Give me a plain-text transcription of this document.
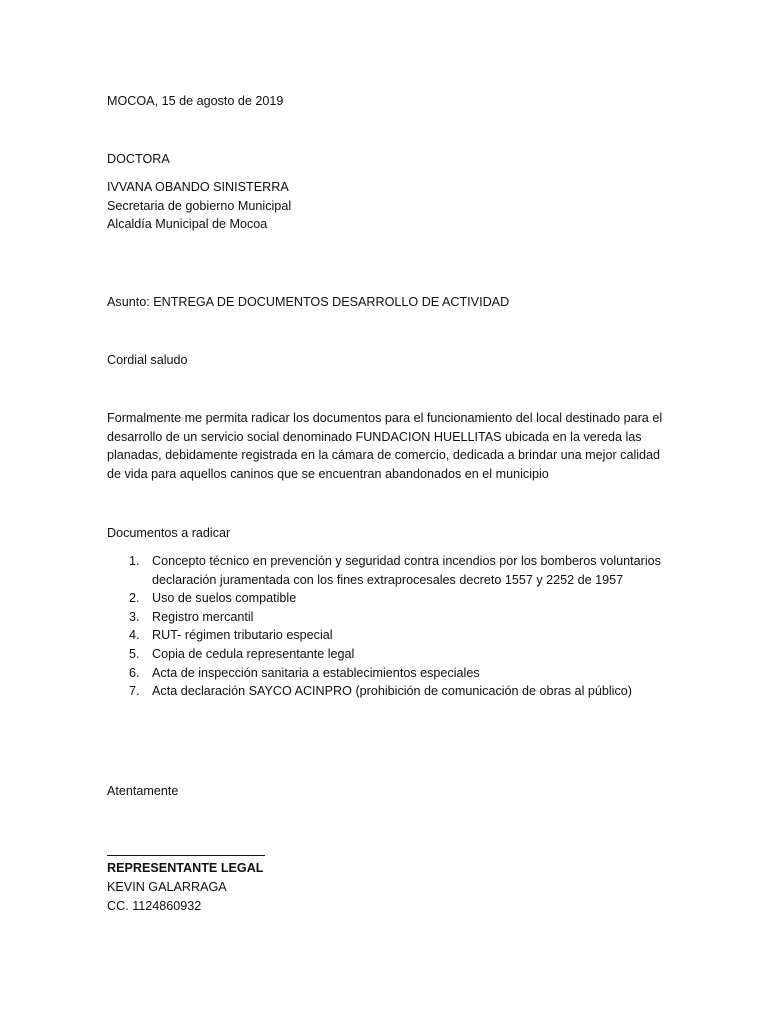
MOCOA, 15 de agosto de 2019

DOCTORA

IVVANA OBANDO SINISTERRA
Secretaria de gobierno Municipal
Alcaldía Municipal de Mocoa

Asunto: ENTREGA DE DOCUMENTOS DESARROLLO DE ACTIVIDAD

Cordial saludo

Formalmente me permita radicar los documentos para el funcionamiento del local destinado para el desarrollo de un servicio social denominado FUNDACION HUELLITAS ubicada en la vereda las planadas, debidamente registrada en la cámara de comercio, dedicada a brindar una mejor calidad de vida para aquellos caninos que se encuentran abandonados en el municipio

Documentos a radicar

1. Concepto técnico en prevención y seguridad contra incendios por los bomberos voluntarios declaración juramentada con los fines extraprocesales decreto 1557 y 2252 de 1957
2. Uso de suelos compatible
3. Registro mercantil
4. RUT- régimen tributario especial
5. Copia de cedula representante legal
6. Acta de inspección sanitaria a establecimientos especiales
7. Acta declaración SAYCO ACINPRO (prohibición de comunicación de obras al público)

Atentamente

REPRESENTANTE LEGAL

KEVIN GALARRAGA

CC. 1124860932
